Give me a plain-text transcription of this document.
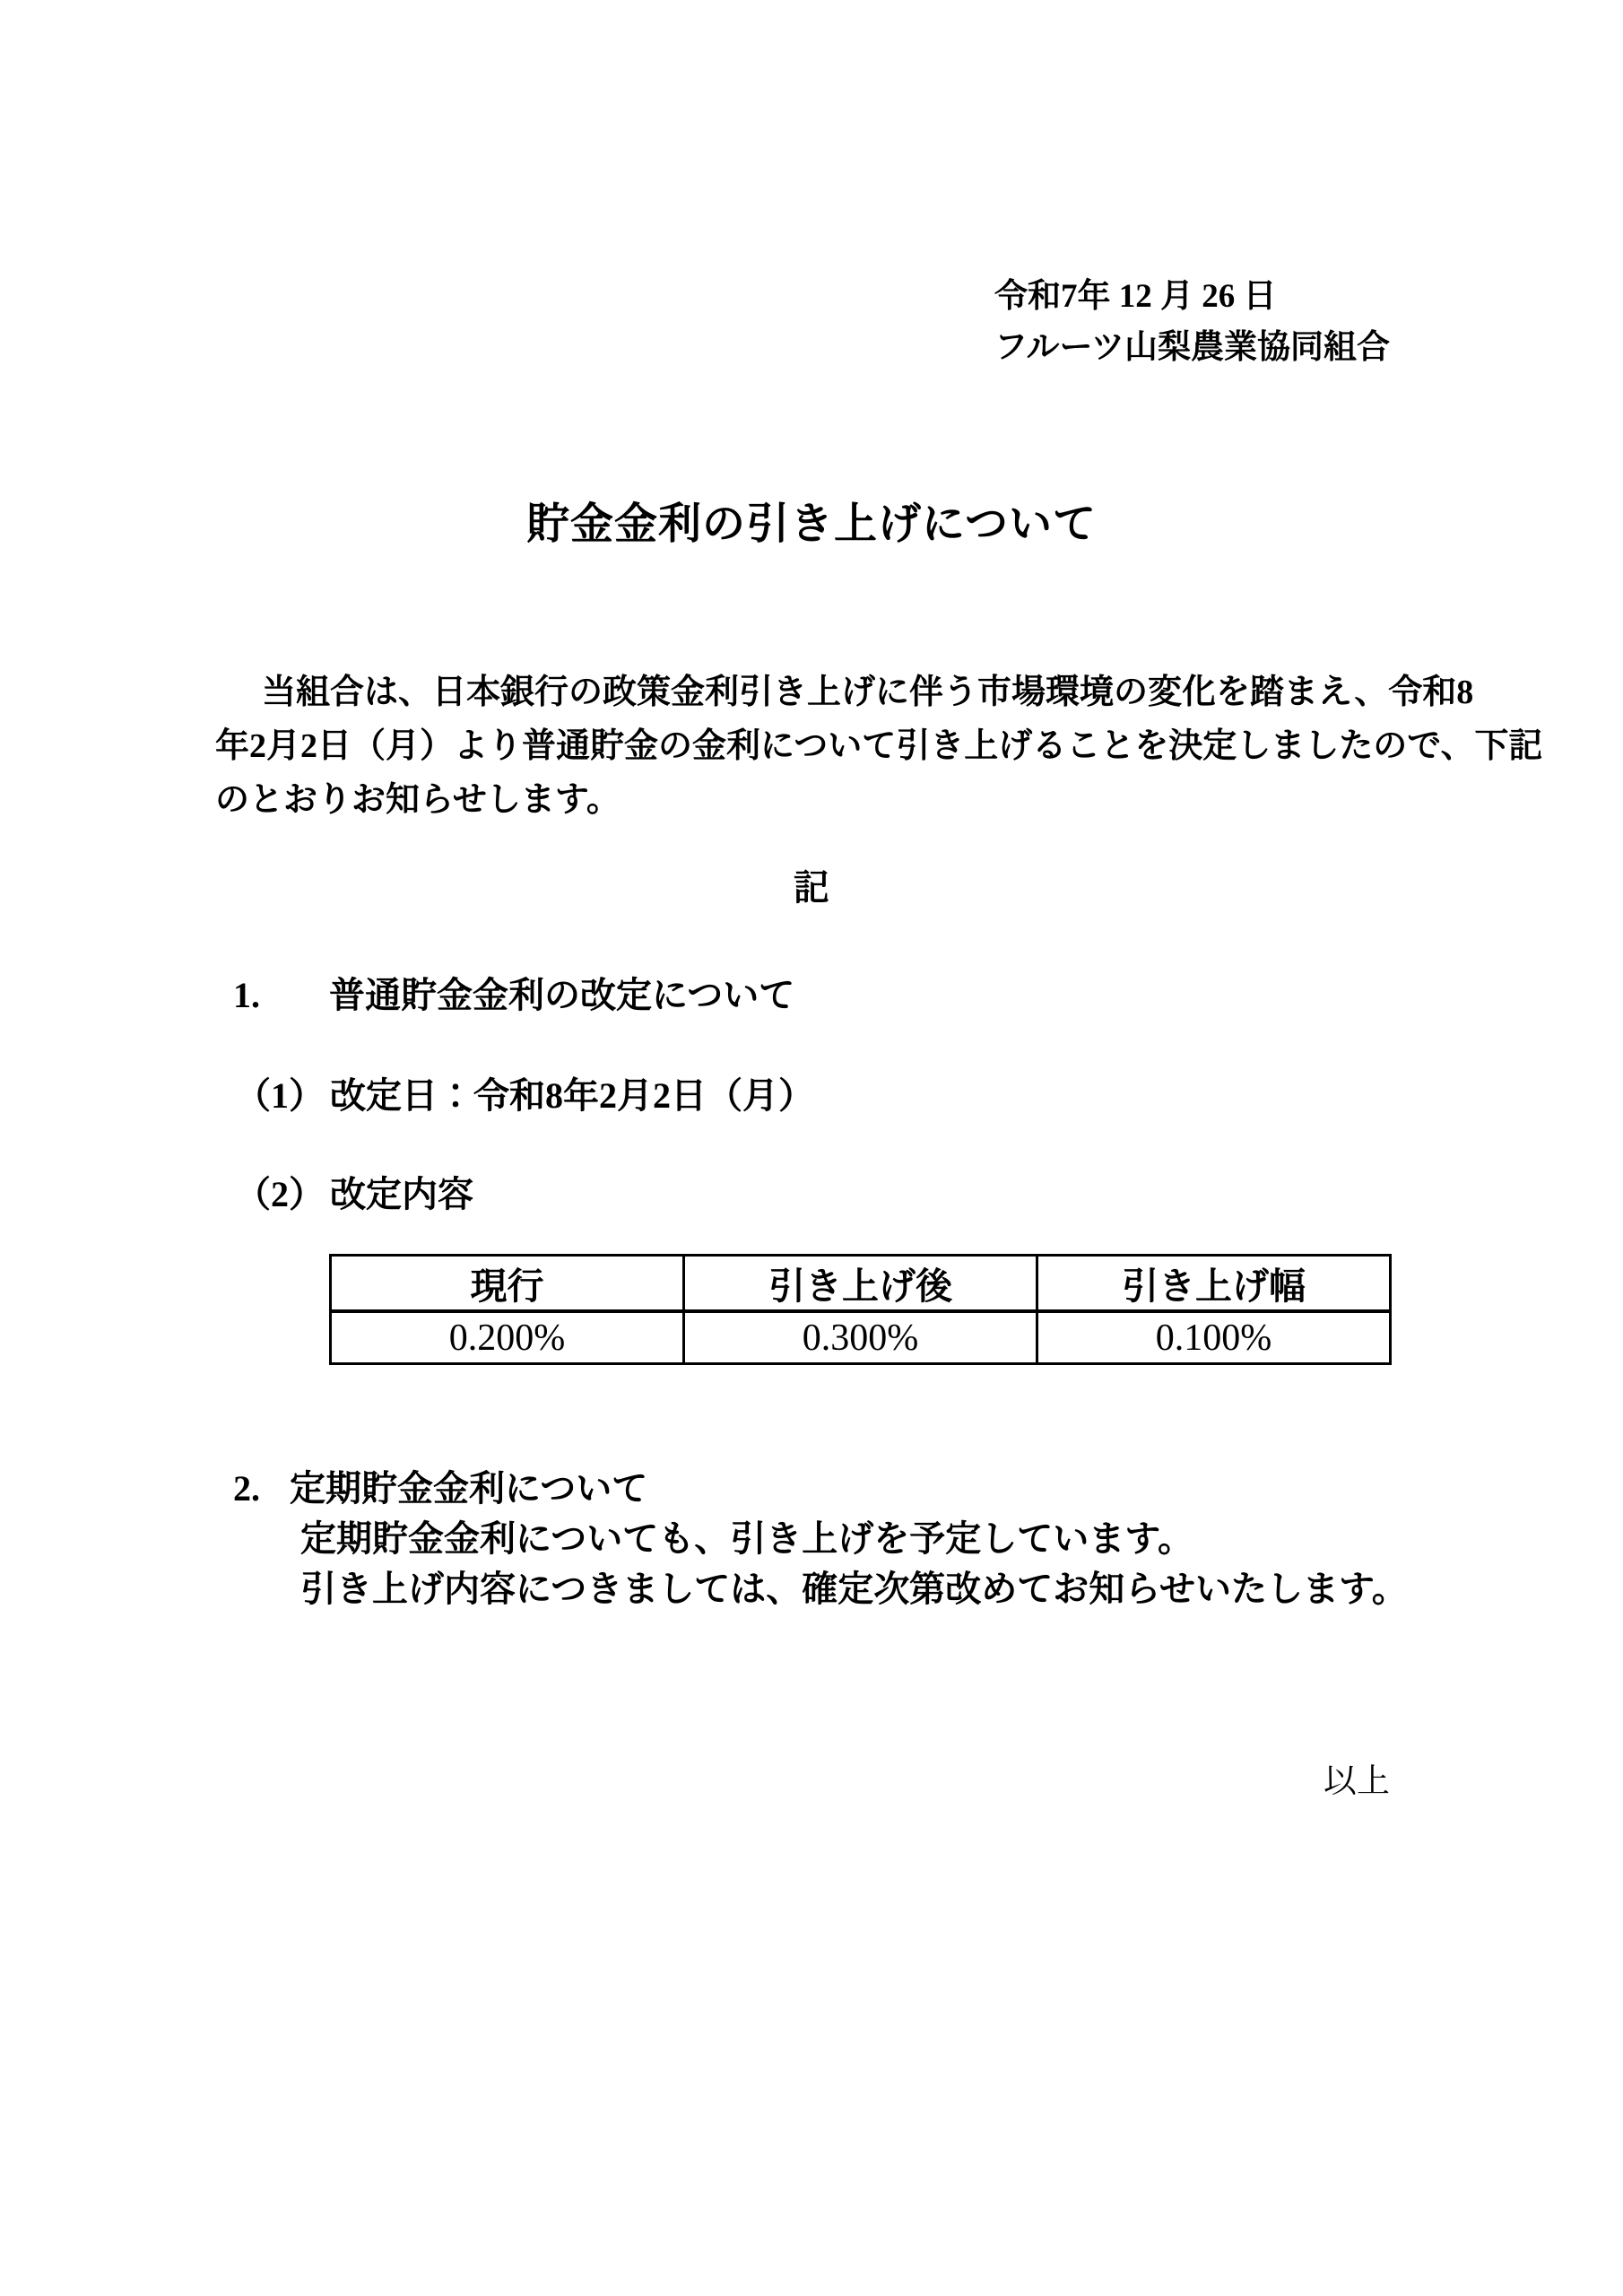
令和7年 12 月 26 日
フルーツ山梨農業協同組合
貯金金利の引き上げについて
当組合は、日本銀行の政策金利引き上げに伴う市場環境の変化を踏まえ、令和8
年2月2日（月）より普通貯金の金利について引き上げることを決定しましたので、下記
のとおりお知らせします。
記
1. 普通貯金金利の改定について
（1） 改定日：令和8年2月2日（月）
（2） 改定内容
現行	引き上げ後	引き上げ幅
0.200%	0.300%	0.100%
2. 定期貯金金利について
定期貯金金利についても、引き上げを予定しています。
引き上げ内容につきましては、確定次第改めてお知らせいたします。
以上
